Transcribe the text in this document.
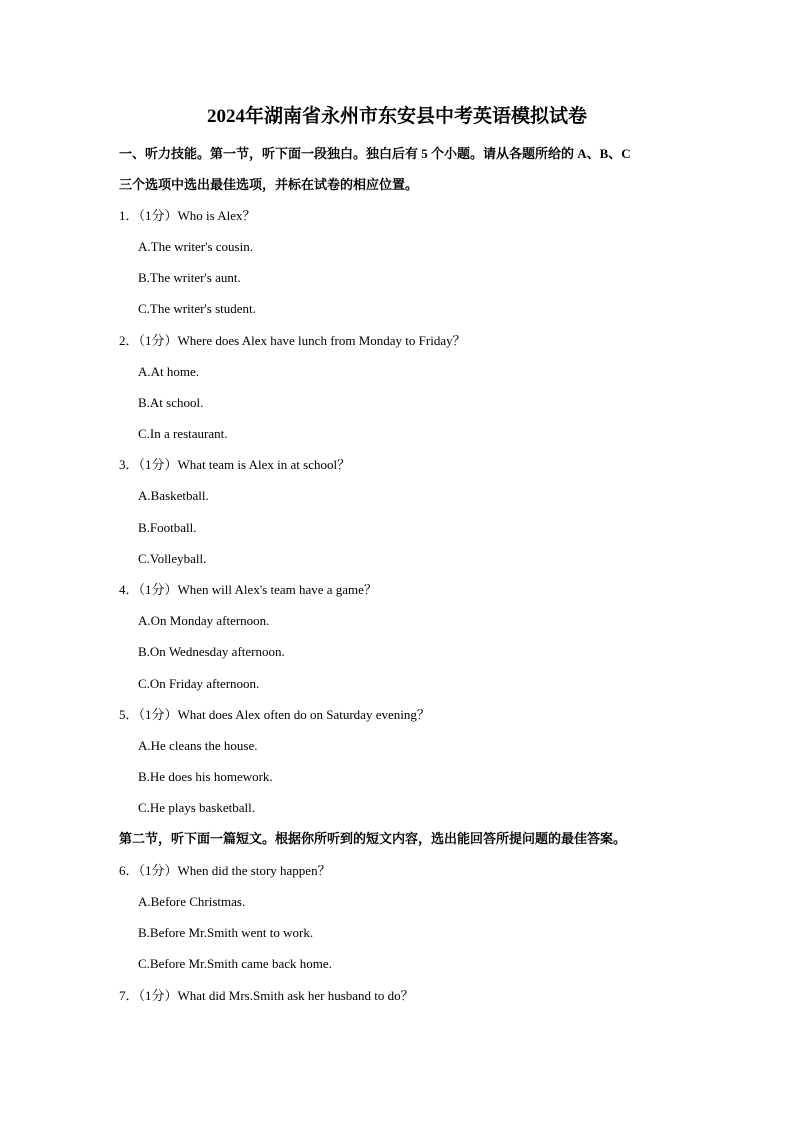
2024年湖南省永州市东安县中考英语模拟试卷
一、听力技能。第一节，听下面一段独白。独白后有 5 个小题。请从各题所给的 A、B、C
三个选项中选出最佳选项，并标在试卷的相应位置。
1．（1分）Who is Alex？
A.The writer's cousin.
B.The writer's aunt.
C.The writer's student.
2．（1分）Where does Alex have lunch from Monday to Friday？
A.At home.
B.At school.
C.In a restaurant.
3．（1分）What team is Alex in at school？
A.Basketball.
B.Football.
C.Volleyball.
4．（1分）When will Alex's team have a game？
A.On Monday afternoon.
B.On Wednesday afternoon.
C.On Friday afternoon.
5．（1分）What does Alex often do on Saturday evening？
A.He cleans the house.
B.He does his homework.
C.He plays basketball.
第二节，听下面一篇短文。根据你所听到的短文内容，选出能回答所提问题的最佳答案。
6．（1分）When did the story happen？
A.Before Christmas.
B.Before Mr.Smith went to work.
C.Before Mr.Smith came back home.
7．（1分）What did Mrs.Smith ask her husband to do？
